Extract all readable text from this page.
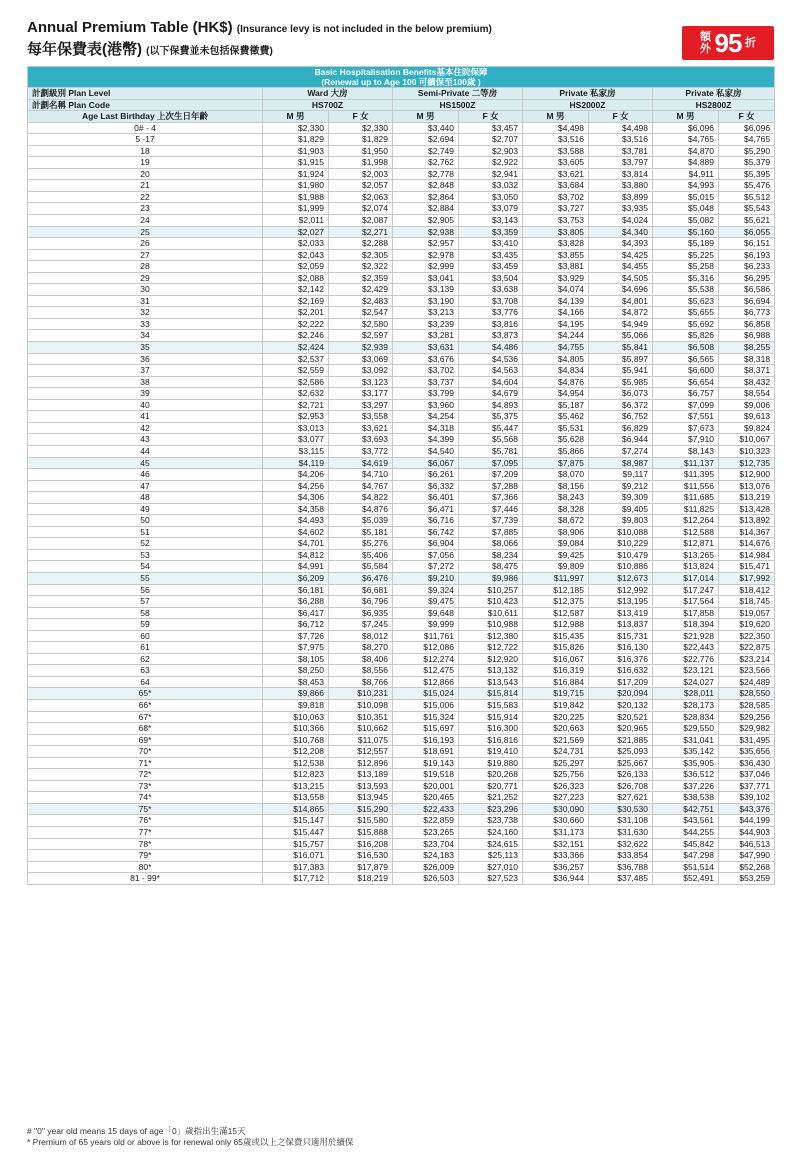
Annual Premium Table (HK$) (Insurance levy is not included in the below premium)
每年保費表(港幣) (以下保費並未包括保費徵費)
額
外 95 折
Basic Hospitalisation Benefits基本住院保障
(Renewal up to Age 100 可續保至100歲 )								

計劃級別 Plan Level	Ward 大房		Semi-Private 二等房		Private 私家房		Private 私家房	
計劃名稱 Plan Code	HS700Z		HS1500Z		HS2000Z		HS2800Z	
Age Last Birthday 上次生日年齡	M 男	F 女	M 男	F 女	M 男	F 女	M 男	F 女
0# - 4	$2,330	$2,330	$3,440	$3,457	$4,498	$4,498	$6,096	$6,096
5 -17	$1,829	$1,829	$2,694	$2,707	$3,516	$3,516	$4,765	$4,765
18	$1,903	$1,950	$2,749	$2,903	$3,588	$3,781	$4,870	$5,290
19	$1,915	$1,998	$2,762	$2,922	$3,605	$3,797	$4,889	$5,379
20	$1,924	$2,003	$2,778	$2,941	$3,621	$3,814	$4,911	$5,395
21	$1,980	$2,057	$2,848	$3,032	$3,684	$3,880	$4,993	$5,476
22	$1,988	$2,063	$2,864	$3,050	$3,702	$3,899	$5,015	$5,512
23	$1,999	$2,074	$2,884	$3,079	$3,727	$3,935	$5,048	$5,543
24	$2,011	$2,087	$2,905	$3,143	$3,753	$4,024	$5,082	$5,621
25	$2,027	$2,271	$2,938	$3,359	$3,805	$4,340	$5,160	$6,055
26	$2,033	$2,288	$2,957	$3,410	$3,828	$4,393	$5,189	$6,151
27	$2,043	$2,305	$2,978	$3,435	$3,855	$4,425	$5,225	$6,193
28	$2,059	$2,322	$2,999	$3,459	$3,881	$4,455	$5,258	$6,233
29	$2,088	$2,359	$3,041	$3,504	$3,929	$4,505	$5,316	$6,295
30	$2,142	$2,429	$3,139	$3,638	$4,074	$4,696	$5,538	$6,586
31	$2,169	$2,483	$3,190	$3,708	$4,139	$4,801	$5,623	$6,694
32	$2,201	$2,547	$3,213	$3,776	$4,166	$4,872	$5,655	$6,773
33	$2,222	$2,580	$3,239	$3,816	$4,195	$4,949	$5,692	$6,858
34	$2,246	$2,597	$3,281	$3,873	$4,244	$5,066	$5,826	$6,988
35	$2,424	$2,939	$3,631	$4,486	$4,755	$5,841	$6,508	$8,255
36	$2,537	$3,069	$3,676	$4,536	$4,805	$5,897	$6,565	$8,318
37	$2,559	$3,092	$3,702	$4,563	$4,834	$5,941	$6,600	$8,371
38	$2,586	$3,123	$3,737	$4,604	$4,876	$5,985	$6,654	$8,432
39	$2,632	$3,177	$3,799	$4,679	$4,954	$6,073	$6,757	$8,554
40	$2,721	$3,297	$3,960	$4,893	$5,187	$6,372	$7,099	$9,006
41	$2,953	$3,558	$4,254	$5,375	$5,462	$6,752	$7,551	$9,613
42	$3,013	$3,621	$4,318	$5,447	$5,531	$6,829	$7,673	$9,824
43	$3,077	$3,693	$4,399	$5,568	$5,628	$6,944	$7,910	$10,067
44	$3,115	$3,772	$4,540	$5,781	$5,866	$7,274	$8,143	$10,323
45	$4,119	$4,619	$6,067	$7,095	$7,875	$8,987	$11,137	$12,735
46	$4,206	$4,710	$6,261	$7,209	$8,070	$9,117	$11,395	$12,900
47	$4,256	$4,767	$6,332	$7,288	$8,156	$9,212	$11,556	$13,076
48	$4,306	$4,822	$6,401	$7,366	$8,243	$9,309	$11,685	$13,219
49	$4,358	$4,876	$6,471	$7,446	$8,328	$9,405	$11,825	$13,428
50	$4,493	$5,039	$6,716	$7,739	$8,672	$9,803	$12,264	$13,892
51	$4,602	$5,181	$6,742	$7,885	$8,906	$10,088	$12,588	$14,367
52	$4,701	$5,276	$6,904	$8,066	$9,084	$10,229	$12,871	$14,676
53	$4,812	$5,406	$7,056	$8,234	$9,425	$10,479	$13,265	$14,984
54	$4,991	$5,584	$7,272	$8,475	$9,809	$10,886	$13,824	$15,471
55	$6,209	$6,476	$9,210	$9,986	$11,997	$12,673	$17,014	$17,992
56	$6,181	$6,681	$9,324	$10,257	$12,185	$12,992	$17,247	$18,412
57	$6,288	$6,796	$9,475	$10,423	$12,375	$13,195	$17,564	$18,745
58	$6,417	$6,935	$9,648	$10,611	$12,587	$13,419	$17,858	$19,057
59	$6,712	$7,245	$9,999	$10,988	$12,988	$13,837	$18,394	$19,620
60	$7,726	$8,012	$11,761	$12,380	$15,435	$15,731	$21,928	$22,350
61	$7,975	$8,270	$12,086	$12,722	$15,826	$16,130	$22,443	$22,875
62	$8,105	$8,406	$12,274	$12,920	$16,067	$16,376	$22,776	$23,214
63	$8,250	$8,556	$12,475	$13,132	$16,319	$16,632	$23,121	$23,566
64	$8,453	$8,766	$12,866	$13,543	$16,884	$17,209	$24,027	$24,489
65*	$9,866	$10,231	$15,024	$15,814	$19,715	$20,094	$28,011	$28,550
66*	$9,818	$10,098	$15,006	$15,583	$19,842	$20,132	$28,173	$28,585
67*	$10,063	$10,351	$15,324	$15,914	$20,225	$20,521	$28,834	$29,256
68*	$10,366	$10,662	$15,697	$16,300	$20,663	$20,965	$29,550	$29,982
69*	$10,768	$11,075	$16,193	$16,816	$21,569	$21,885	$31,041	$31,495
70*	$12,208	$12,557	$18,691	$19,410	$24,731	$25,093	$35,142	$35,656
71*	$12,538	$12,896	$19,143	$19,880	$25,297	$25,667	$35,905	$36,430
72*	$12,823	$13,189	$19,518	$20,268	$25,756	$26,133	$36,512	$37,046
73*	$13,215	$13,593	$20,001	$20,771	$26,323	$26,708	$37,226	$37,771
74*	$13,558	$13,945	$20,465	$21,252	$27,223	$27,621	$38,538	$39,102
75*	$14,865	$15,290	$22,433	$23,296	$30,090	$30,530	$42,751	$43,376
76*	$15,147	$15,580	$22,859	$23,738	$30,660	$31,108	$43,561	$44,199
77*	$15,447	$15,888	$23,265	$24,160	$31,173	$31,630	$44,255	$44,903
78*	$15,757	$16,208	$23,704	$24,615	$32,151	$32,622	$45,842	$46,513
79*	$16,071	$16,530	$24,183	$25,113	$33,366	$33,854	$47,298	$47,990
80*	$17,383	$17,879	$26,009	$27,010	$36,257	$36,788	$51,514	$52,268
81 - 99*	$17,712	$18,219	$26,503	$27,523	$36,944	$37,485	$52,491	$53,259
# "0" year old means 15 days of age「0」歲指出生滿15天
* Premium of 65 years old or above is for renewal only 65歲或以上之保費只適用於續保
